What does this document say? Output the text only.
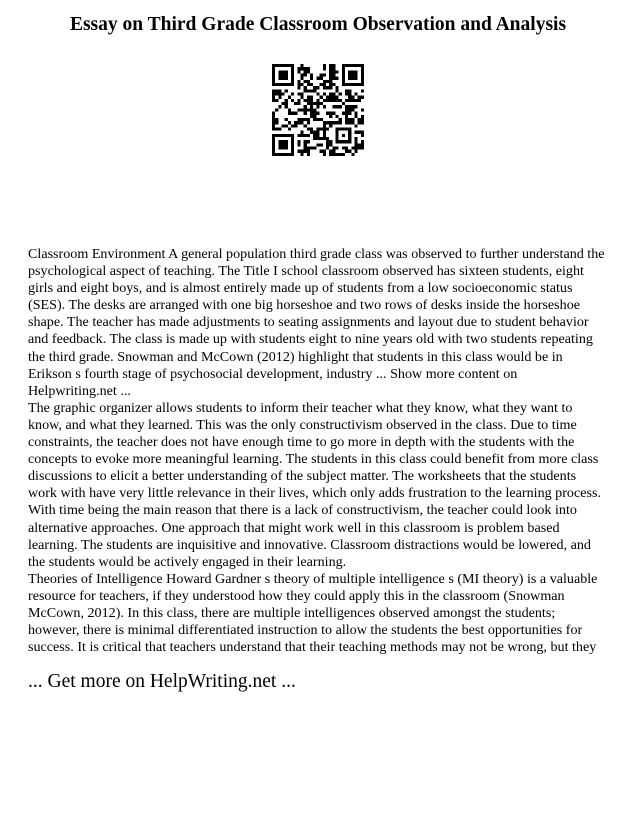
Essay on Third Grade Classroom Observation and Analysis

Classroom Environment A general population third grade class was observed to further understand the psychological aspect of teaching. The Title I school classroom observed has sixteen students, eight girls and eight boys, and is almost entirely made up of students from a low socioeconomic status (SES). The desks are arranged with one big horseshoe and two rows of desks inside the horseshoe shape. The teacher has made adjustments to seating assignments and layout due to student behavior and feedback. The class is made up with students eight to nine years old with two students repeating the third grade. Snowman and McCown (2012) highlight that students in this class would be in Erikson s fourth stage of psychosocial development, industry ... Show more content on Helpwriting.net ...

The graphic organizer allows students to inform their teacher what they know, what they want to know, and what they learned. This was the only constructivism observed in the class. Due to time constraints, the teacher does not have enough time to go more in depth with the students with the concepts to evoke more meaningful learning. The students in this class could benefit from more class discussions to elicit a better understanding of the subject matter. The worksheets that the students work with have very little relevance in their lives, which only adds frustration to the learning process. With time being the main reason that there is a lack of constructivism, the teacher could look into alternative approaches. One approach that might work well in this classroom is problem based learning. The students are inquisitive and innovative. Classroom distractions would be lowered, and the students would be actively engaged in their learning.

Theories of Intelligence Howard Gardner s theory of multiple intelligence s (MI theory) is a valuable resource for teachers, if they understood how they could apply this in the classroom (Snowman McCown, 2012). In this class, there are multiple intelligences observed amongst the students; however, there is minimal differentiated instruction to allow the students the best opportunities for success. It is critical that teachers understand that their teaching methods may not be wrong, but they

... Get more on HelpWriting.net ...
